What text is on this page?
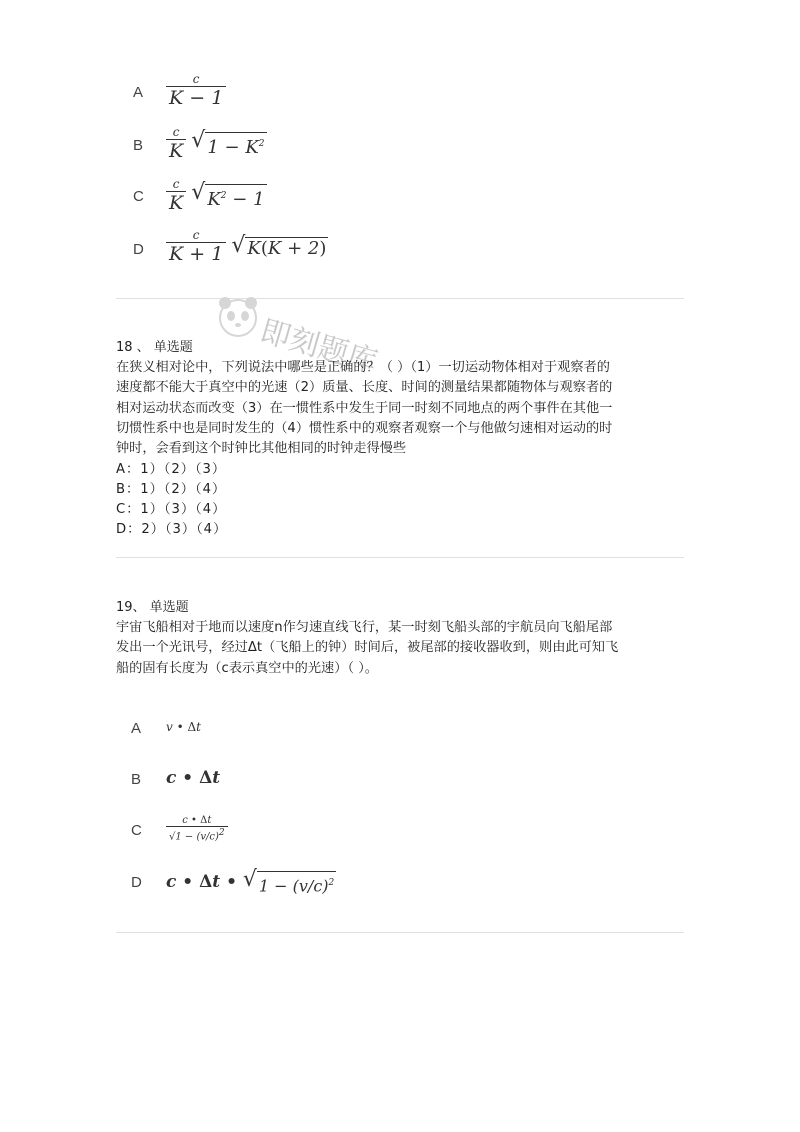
A $\frac{c}{K - 1}$
B $\frac{c}{K}$
√ $1 - K^2$
C $\frac{c}{K}$
√ $K^2 - 1$
D $\frac{c}{K + 1}$
√ K(K + 2)
即刻题库
18 、 单选题
在狭义相对论中，下列说法中哪些是正确的？（ ）（1）一切运动物体相对于观察者的
速度都不能大于真空中的光速（2）质量、长度、时间的测量结果都随物体与观察者的
相对运动状态而改变（3）在一惯性系中发生于同一时刻不同地点的两个事件在其他一
切惯性系中也是同时发生的（4）惯性系中的观察者观察一个与他做匀速相对运动的时
钟时，会看到这个时钟比其他相同的时钟走得慢些
A：1）（2）（3）
B：1）（2）（4）
C：1）（3）（4）
D：2）（3）（4）
19、 单选题
宇宙飞船相对于地而以速度n作匀速直线飞行，某一时刻飞船头部的宇航员向飞船尾部
发出一个光讯号，经过Δt（飞船上的钟）时间后，被尾部的接收器收到，则由此可知飞
船的固有长度为（c表示真空中的光速）（ ）。
A v • Δt
B c • Δt
C $\frac{c • \Delta t}{√1 - (v/c)^2}$
D c • Δt • √ $1 - (v/c)^2$
